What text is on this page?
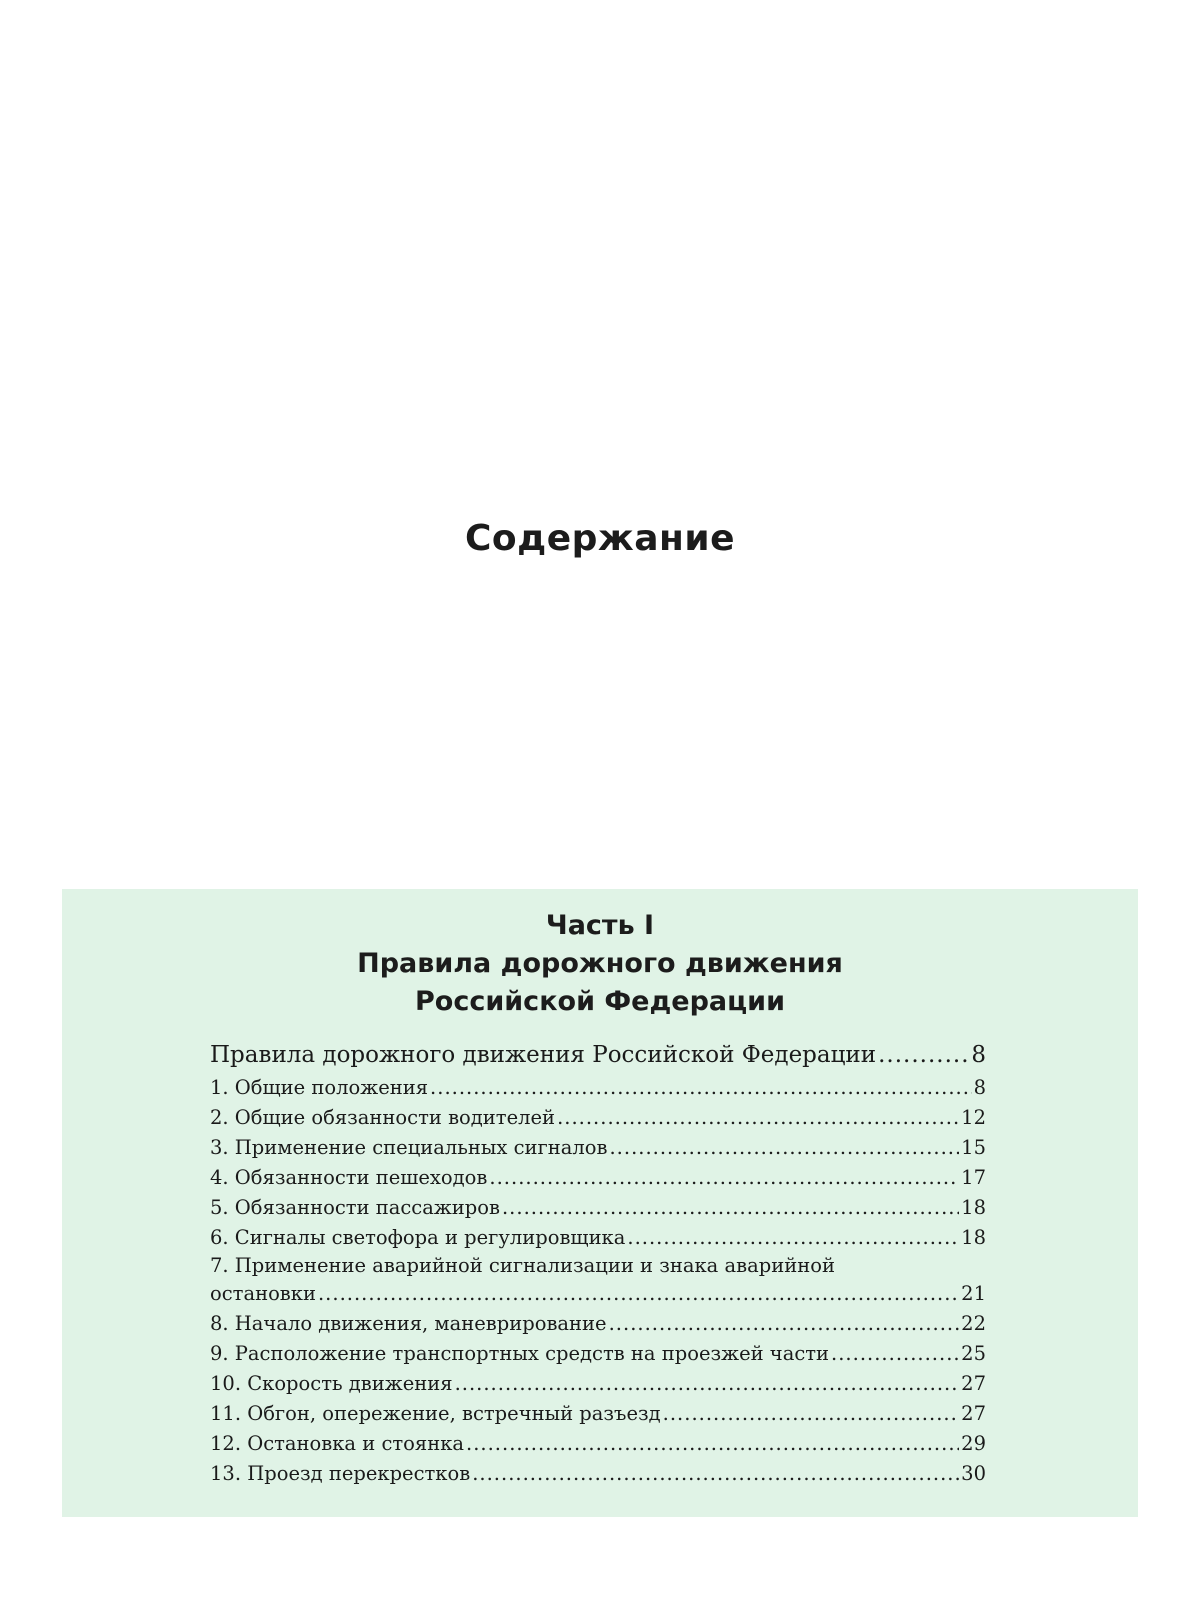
Содержание
Часть I
Правила дорожного движения
Российской Федерации
Правила дорожного движения Российской Федерации .....	8
1. Общие положения .....	8
2. Общие обязанности водителей .....	12
3. Применение специальных сигналов .....	15
4. Обязанности пешеходов .....	17
5. Обязанности пассажиров .....	18
6. Сигналы светофора и регулировщика .....	18
7. Применение аварийной сигнализации и знака аварийной
остановки .....	21
8. Начало движения, маневрирование .....	22
9. Расположение транспортных средств на проезжей части .....	25
10. Скорость движения .....	27
11. Обгон, опережение, встречный разъезд .....	27
12. Остановка и стоянка .....	29
13. Проезд перекрестков .....	30
